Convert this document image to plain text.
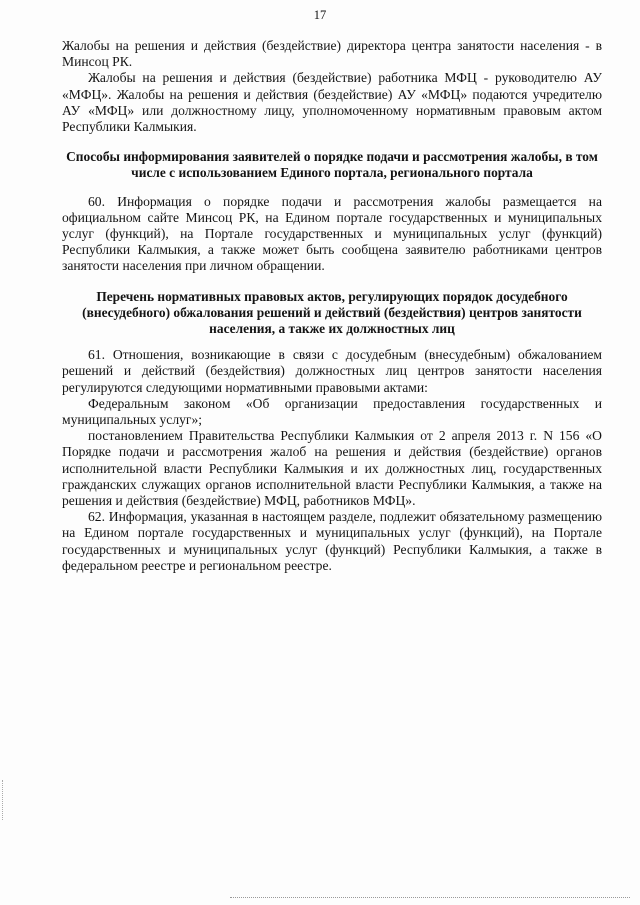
17

Жалобы на решения и действия (бездействие) директора центра занятости населения - в Минсоц РК.

Жалобы на решения и действия (бездействие) работника МФЦ - руководителю АУ «МФЦ». Жалобы на решения и действия (бездействие) АУ «МФЦ» подаются учредителю АУ «МФЦ» или должностному лицу, уполномоченному нормативным правовым актом Республики Калмыкия.

Способы информирования заявителей о порядке подачи и рассмотрения жалобы, в том числе с использованием Единого портала, регионального портала

60. Информация о порядке подачи и рассмотрения жалобы размещается на официальном сайте Минсоц РК, на Едином портале государственных и муниципальных услуг (функций), на Портале государственных и муниципальных услуг (функций) Республики Калмыкия, а также может быть сообщена заявителю работниками центров занятости населения при личном обращении.

Перечень нормативных правовых актов, регулирующих порядок досудебного (внесудебного) обжалования решений и действий (бездействия) центров занятости населения, а также их должностных лиц

61. Отношения, возникающие в связи с досудебным (внесудебным) обжалованием решений и действий (бездействия) должностных лиц центров занятости населения регулируются следующими нормативными правовыми актами:

Федеральным законом «Об организации предоставления государственных и муниципальных услуг»;

постановлением Правительства Республики Калмыкия от 2 апреля 2013 г. N 156 «О Порядке подачи и рассмотрения жалоб на решения и действия (бездействие) органов исполнительной власти Республики Калмыкия и их должностных лиц, государственных гражданских служащих органов исполнительной власти Республики Калмыкия, а также на решения и действия (бездействие) МФЦ, работников МФЦ».

62. Информация, указанная в настоящем разделе, подлежит обязательному размещению на Едином портале государственных и муниципальных услуг (функций), на Портале государственных и муниципальных услуг (функций) Республики Калмыкия, а также в федеральном реестре и региональном реестре.
